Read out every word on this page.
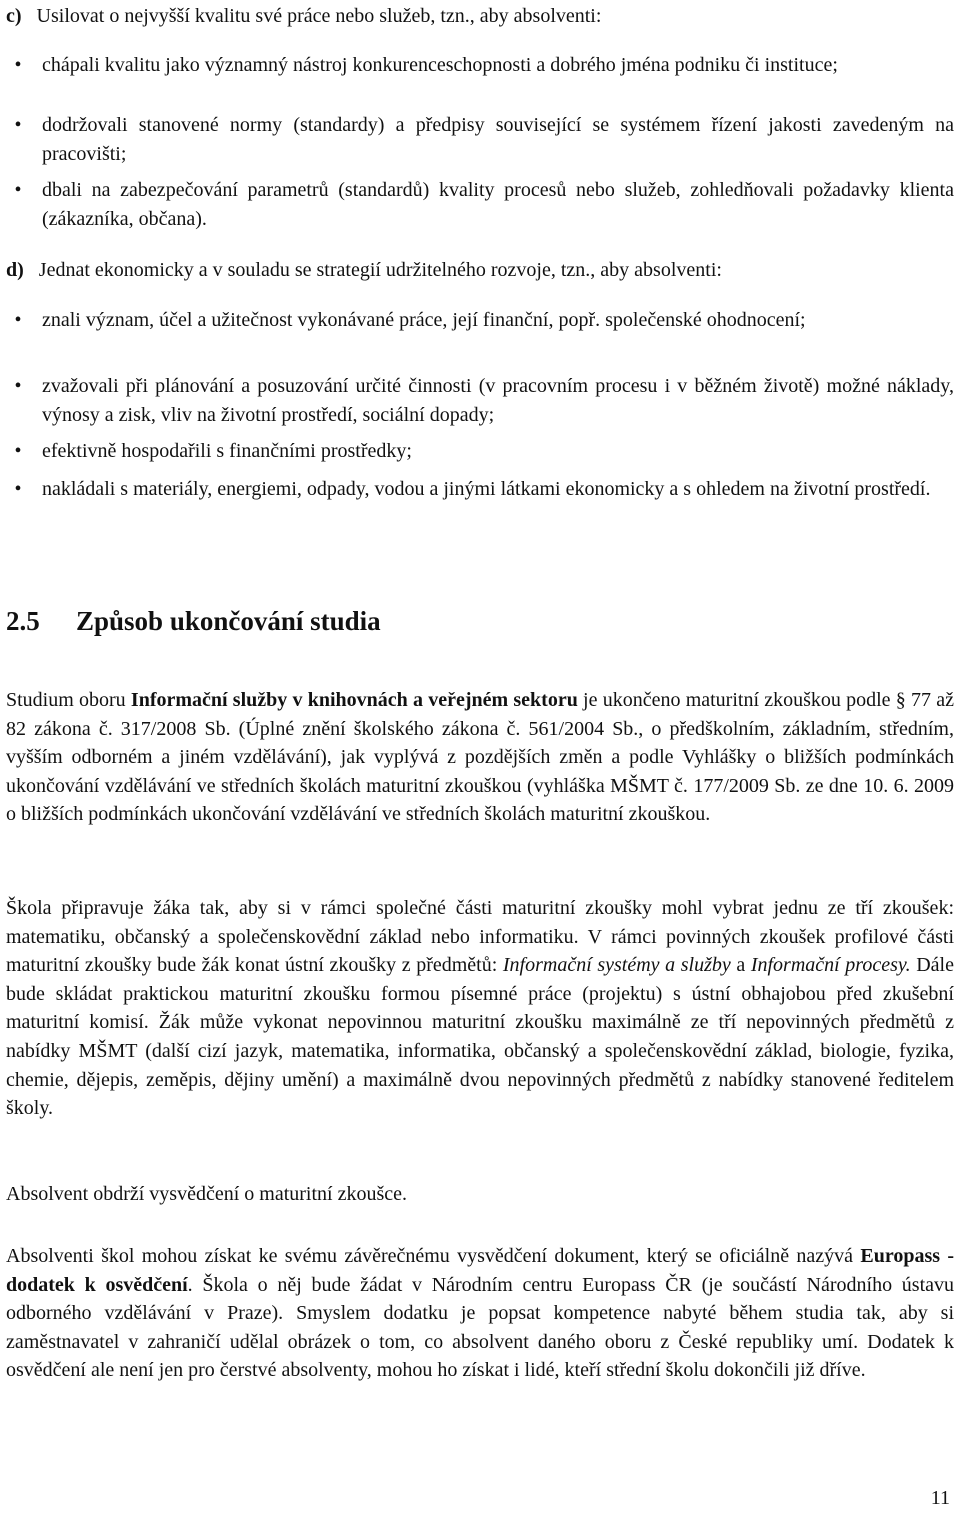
c) Usilovat o nejvyšší kvalitu své práce nebo služeb, tzn., aby absolventi:
•	chápali kvalitu jako významný nástroj konkurenceschopnosti a dobrého jména podniku či instituce;
•	dodržovali stanovené normy (standardy) a předpisy související se systémem řízení jakosti zavedeným na pracovišti;
•	dbali na zabezpečování parametrů (standardů) kvality procesů nebo služeb, zohledňovali požadavky klienta (zákazníka, občana).
d) Jednat ekonomicky a v souladu se strategií udržitelného rozvoje, tzn., aby absolventi:
•	znali význam, účel a užitečnost vykonávané práce, její finanční, popř. společenské ohodnocení;
•	zvažovali při plánování a posuzování určité činnosti (v pracovním procesu i v běžném životě) možné náklady, výnosy a zisk, vliv na životní prostředí, sociální dopady;
•	efektivně hospodařili s finančními prostředky;
•	nakládali s materiály, energiemi, odpady, vodou a jinými látkami ekonomicky a s ohledem na životní prostředí.
2.5 Způsob ukončování studia

Studium oboru Informační služby v knihovnách a veřejném sektoru je ukončeno maturitní zkouškou podle § 77 až 82 zákona č. 317/2008 Sb. (Úplné znění školského zákona č. 561/2004 Sb., o předškolním, základním, středním, vyšším odborném a jiném vzdělávání), jak vyplývá z pozdějších změn a podle Vyhlášky o bližších podmínkách ukončování vzdělávání ve středních školách maturitní zkouškou (vyhláška MŠMT č. 177/2009 Sb. ze dne 10. 6. 2009 o bližších podmínkách ukončování vzdělávání ve středních školách maturitní zkouškou.

Škola připravuje žáka tak, aby si v rámci společné části maturitní zkoušky mohl vybrat jednu ze tří zkoušek: matematiku, občanský a společenskovědní základ nebo informatiku. V rámci povinných zkoušek profilové části maturitní zkoušky bude žák konat ústní zkoušky z předmětů: Informační systémy a služby a Informační procesy. Dále bude skládat praktickou maturitní zkoušku formou písemné práce (projektu) s ústní obhajobou před zkušební maturitní komisí. Žák může vykonat nepovinnou maturitní zkoušku maximálně ze tří nepovinných předmětů z nabídky MŠMT (další cizí jazyk, matematika, informatika, občanský a společenskovědní základ, biologie, fyzika, chemie, dějepis, zeměpis, dějiny umění) a maximálně dvou nepovinných předmětů z nabídky stanovené ředitelem školy.

Absolvent obdrží vysvědčení o maturitní zkoušce.

Absolventi škol mohou získat ke svému závěrečnému vysvědčení dokument, který se oficiálně nazývá Europass - dodatek k osvědčení. Škola o něj bude žádat v Národním centru Europass ČR (je součástí Národního ústavu odborného vzdělávání v Praze). Smyslem dodatku je popsat kompetence nabyté během studia tak, aby si zaměstnavatel v zahraničí udělal obrázek o tom, co absolvent daného oboru z České republiky umí. Dodatek k osvědčení ale není jen pro čerstvé absolventy, mohou ho získat i lidé, kteří střední školu dokončili již dříve.

11
